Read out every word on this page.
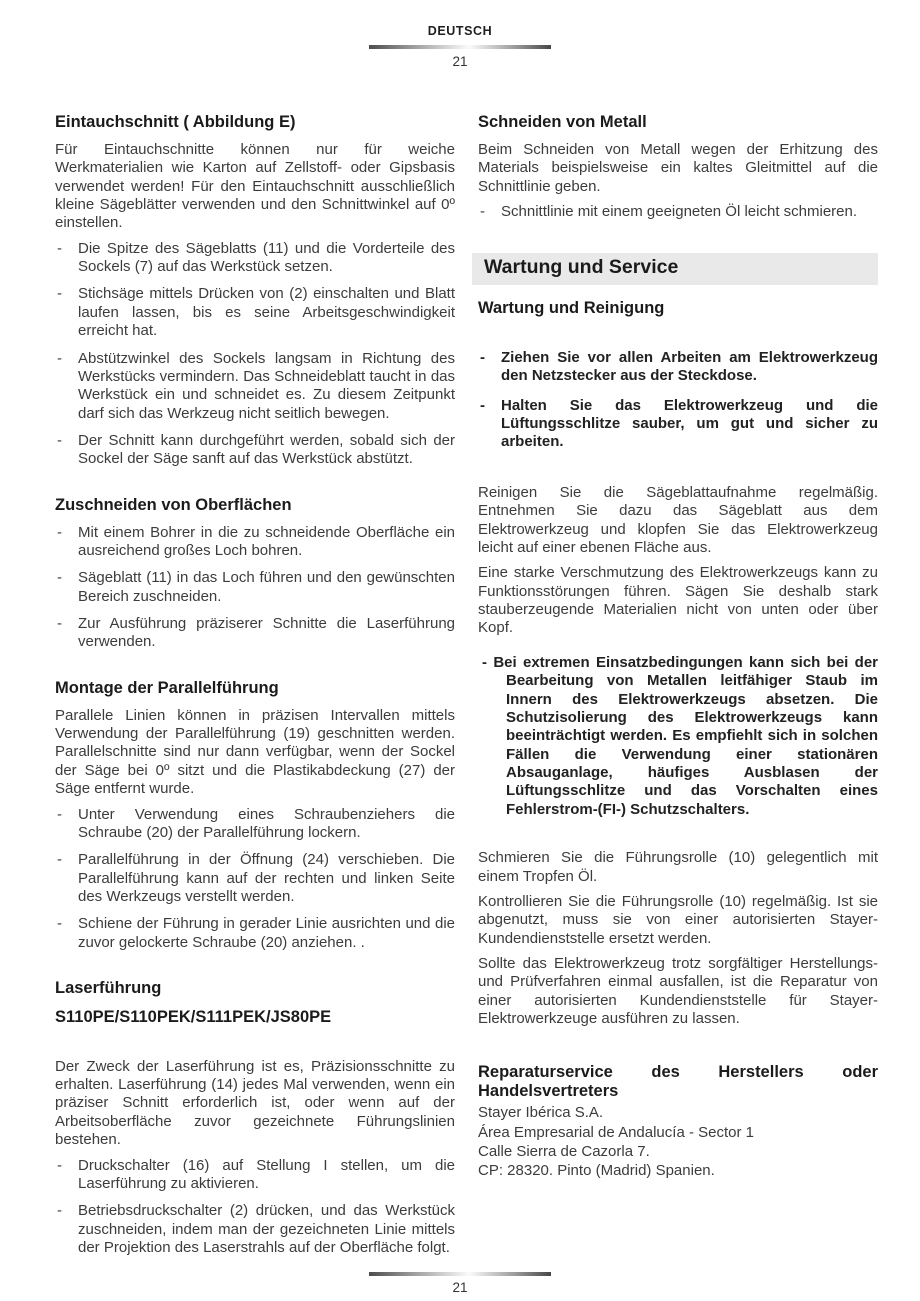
DEUTSCH
21
Eintauchschnitt ( Abbildung E)

Für Eintauchschnitte können nur für weiche Werkmaterialien wie Karton auf Zellstoff- oder Gipsbasis verwendet werden! Für den Eintauchschnitt ausschließlich kleine Sägeblätter verwenden und den Schnittwinkel auf 0º einstellen.

- Die Spitze des Sägeblatts (11) und die Vorderteile des Sockels (7) auf das Werkstück setzen.
- Stichsäge mittels Drücken von (2) einschalten und Blatt laufen lassen, bis es seine Arbeitsgeschwindigkeit erreicht hat.
- Abstützwinkel des Sockels langsam in Richtung des Werkstücks vermindern. Das Schneideblatt taucht in das Werkstück ein und schneidet es. Zu diesem Zeitpunkt darf sich das Werkzeug nicht seitlich bewegen.
- Der Schnitt kann durchgeführt werden, sobald sich der Sockel der Säge sanft auf das Werkstück abstützt.
Zuschneiden von Oberflächen
- Mit einem Bohrer in die zu schneidende Oberfläche ein ausreichend großes Loch bohren.
- Sägeblatt (11) in das Loch führen und den gewünschten Bereich zuschneiden.
- Zur Ausführung präziserer Schnitte die Laserführung verwenden.
Montage der Parallelführung

Parallele Linien können in präzisen Intervallen mittels Verwendung der Parallelführung (19) geschnitten werden. Parallelschnitte sind nur dann verfügbar, wenn der Sockel der Säge bei 0º sitzt und die Plastikabdeckung (27) der Säge entfernt wurde.

- Unter Verwendung eines Schraubenziehers die Schraube (20) der Parallelführung lockern.
- Parallelführung in der Öffnung (24) verschieben. Die Parallelführung kann auf der rechten und linken Seite des Werkzeugs verstellt werden.
- Schiene der Führung in gerader Linie ausrichten und die zuvor gelockerte Schraube (20) anziehen. .
Laserführung
S110PE/S110PEK/S111PEK/JS80PE

Der Zweck der Laserführung ist es, Präzisionsschnitte zu erhalten. Laserführung (14) jedes Mal verwenden, wenn ein präziser Schnitt erforderlich ist, oder wenn auf der Arbeitsoberfläche zuvor gezeichnete Führungslinien bestehen.

- Druckschalter (16) auf Stellung I stellen, um die Laserführung zu aktivieren.
- Betriebsdruckschalter (2) drücken, und das Werkstück zuschneiden, indem man der gezeichneten Linie mittels der Projektion des Laserstrahls auf der Oberfläche folgt.
Schneiden von Metall

Beim Schneiden von Metall wegen der Erhitzung des Materials beispielsweise ein kaltes Gleitmittel auf die Schnittlinie geben.

- Schnittlinie mit einem geeigneten Öl leicht schmieren.
Wartung und Service
Wartung und Reinigung
- Ziehen Sie vor allen Arbeiten am Elektrowerkzeug den Netzstecker aus der Steckdose.
- Halten Sie das Elektrowerkzeug und die Lüftungsschlitze sauber, um gut und sicher zu arbeiten.

Reinigen Sie die Sägeblattaufnahme regelmäßig. Entnehmen Sie dazu das Sägeblatt aus dem Elektrowerkzeug und klopfen Sie das Elektrowerkzeug leicht auf einer ebenen Fläche aus.

Eine starke Verschmutzung des Elektrowerkzeugs kann zu Funktionsstörungen führen. Sägen Sie deshalb stark stauberzeugende Materialien nicht von unten oder über Kopf.

- Bei extremen Einsatzbedingungen kann sich bei der Bearbeitung von Metallen leitfähiger Staub im Innern des Elektrowerkzeugs absetzen. Die Schutzisolierung des Elektrowerkzeugs kann beeinträchtigt werden. Es empfiehlt sich in solchen Fällen die Verwendung einer stationären Absauganlage, häufiges Ausblasen der Lüftungsschlitze und das Vorschalten eines Fehlerstrom-(FI-) Schutzschalters.

Schmieren Sie die Führungsrolle (10) gelegentlich mit einem Tropfen Öl.

Kontrollieren Sie die Führungsrolle (10) regelmäßig. Ist sie abgenutzt, muss sie von einer autorisierten Stayer-Kundendienststelle ersetzt werden.

Sollte das Elektrowerkzeug trotz sorgfältiger Herstellungs- und Prüfverfahren einmal ausfallen, ist die Reparatur von einer autorisierten Kundendienststelle für Stayer-Elektrowerkzeuge ausführen zu lassen.

Reparaturservice des Herstellers oder Handelsvertreters

Stayer Ibérica S.A.

Área Empresarial de Andalucía - Sector 1

Calle Sierra de Cazorla 7.

CP: 28320. Pinto (Madrid) Spanien.

21
